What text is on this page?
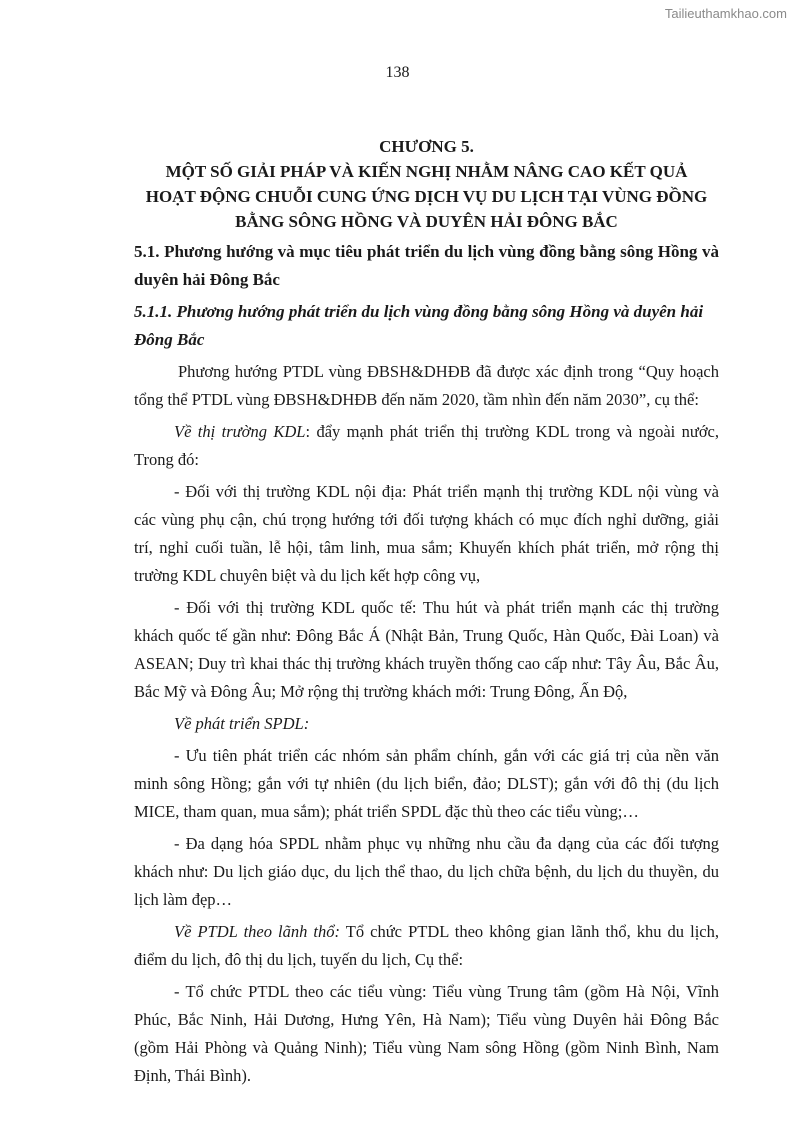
Tailieuthamkhao.com
138

CHƯƠNG 5.

MỘT SỐ GIẢI PHÁP VÀ KIẾN NGHỊ NHẰM NÂNG CAO KẾT QUẢ

HOẠT ĐỘNG CHUỖI CUNG ỨNG DỊCH VỤ DU LỊCH TẠI VÙNG ĐỒNG

BẰNG SÔNG HỒNG VÀ DUYÊN HẢI ĐÔNG BẮC

5.1. Phương hướng và mục tiêu phát triển du lịch vùng đồng bằng sông Hồng và duyên hải Đông Bắc

5.1.1. Phương hướng phát triển du lịch vùng đồng bằng sông Hồng và duyên hải Đông Bắc

Phương hướng PTDL vùng ĐBSH&DHĐB đã được xác định trong “Quy hoạch tổng thể PTDL vùng ĐBSH&DHĐB đến năm 2020, tầm nhìn đến năm 2030”, cụ thể:

Về thị trường KDL: đẩy mạnh phát triển thị trường KDL trong và ngoài nước, Trong đó:

- Đối với thị trường KDL nội địa: Phát triển mạnh thị trường KDL nội vùng và các vùng phụ cận, chú trọng hướng tới đối tượng khách có mục đích nghỉ dưỡng, giải trí, nghỉ cuối tuần, lễ hội, tâm linh, mua sắm; Khuyến khích phát triển, mở rộng thị trường KDL chuyên biệt và du lịch kết hợp công vụ,

- Đối với thị trường KDL quốc tế: Thu hút và phát triển mạnh các thị trường khách quốc tế gần như: Đông Bắc Á (Nhật Bản, Trung Quốc, Hàn Quốc, Đài Loan) và ASEAN; Duy trì khai thác thị trường khách truyền thống cao cấp như: Tây Âu, Bắc Âu, Bắc Mỹ và Đông Âu; Mở rộng thị trường khách mới: Trung Đông, Ấn Độ,

Về phát triển SPDL:

- Ưu tiên phát triển các nhóm sản phẩm chính, gắn với các giá trị của nền văn minh sông Hồng; gắn với tự nhiên (du lịch biển, đảo; DLST); gắn với đô thị (du lịch MICE, tham quan, mua sắm); phát triển SPDL đặc thù theo các tiểu vùng;…

- Đa dạng hóa SPDL nhằm phục vụ những nhu cầu đa dạng của các đối tượng khách như: Du lịch giáo dục, du lịch thể thao, du lịch chữa bệnh, du lịch du thuyền, du lịch làm đẹp…

Về PTDL theo lãnh thổ: Tổ chức PTDL theo không gian lãnh thổ, khu du lịch, điểm du lịch, đô thị du lịch, tuyến du lịch, Cụ thể:

- Tổ chức PTDL theo các tiểu vùng: Tiểu vùng Trung tâm (gồm Hà Nội, Vĩnh Phúc, Bắc Ninh, Hải Dương, Hưng Yên, Hà Nam); Tiểu vùng Duyên hải Đông Bắc (gồm Hải Phòng và Quảng Ninh); Tiểu vùng Nam sông Hồng (gồm Ninh Bình, Nam Định, Thái Bình).
